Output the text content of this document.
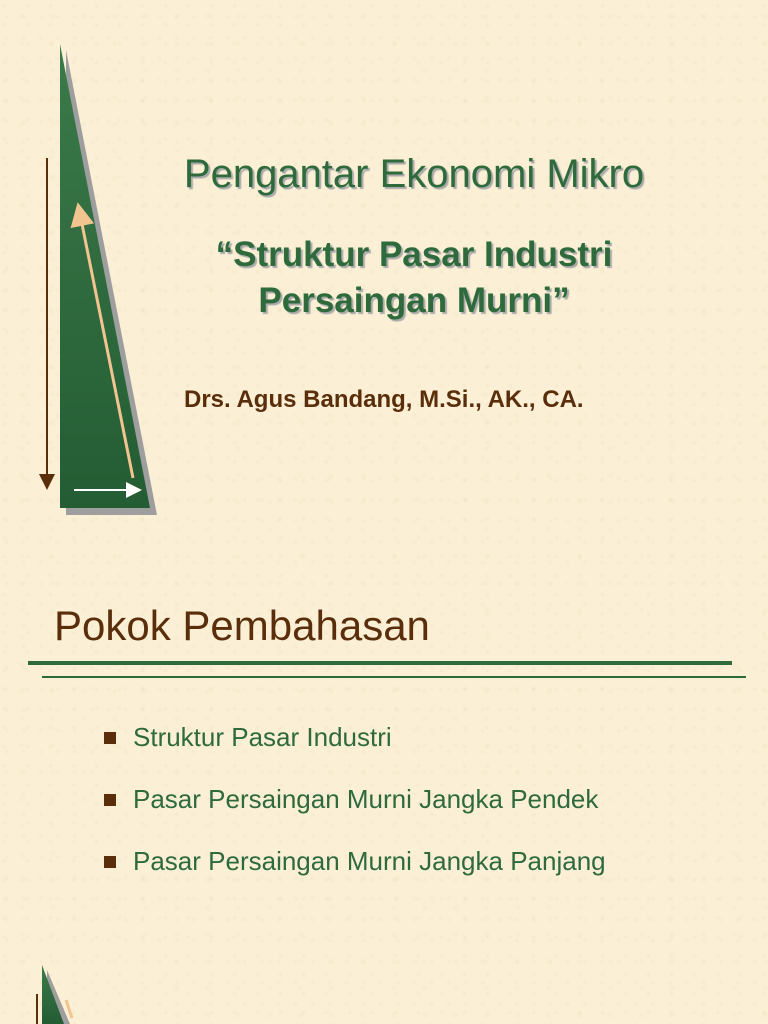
Pengantar Ekonomi Mikro
“Struktur Pasar Industri
Persaingan Murni”
Drs. Agus Bandang, M.Si., AK., CA.
Pokok Pembahasan
Struktur Pasar Industri
Pasar Persaingan Murni Jangka Pendek
Pasar Persaingan Murni Jangka Panjang
